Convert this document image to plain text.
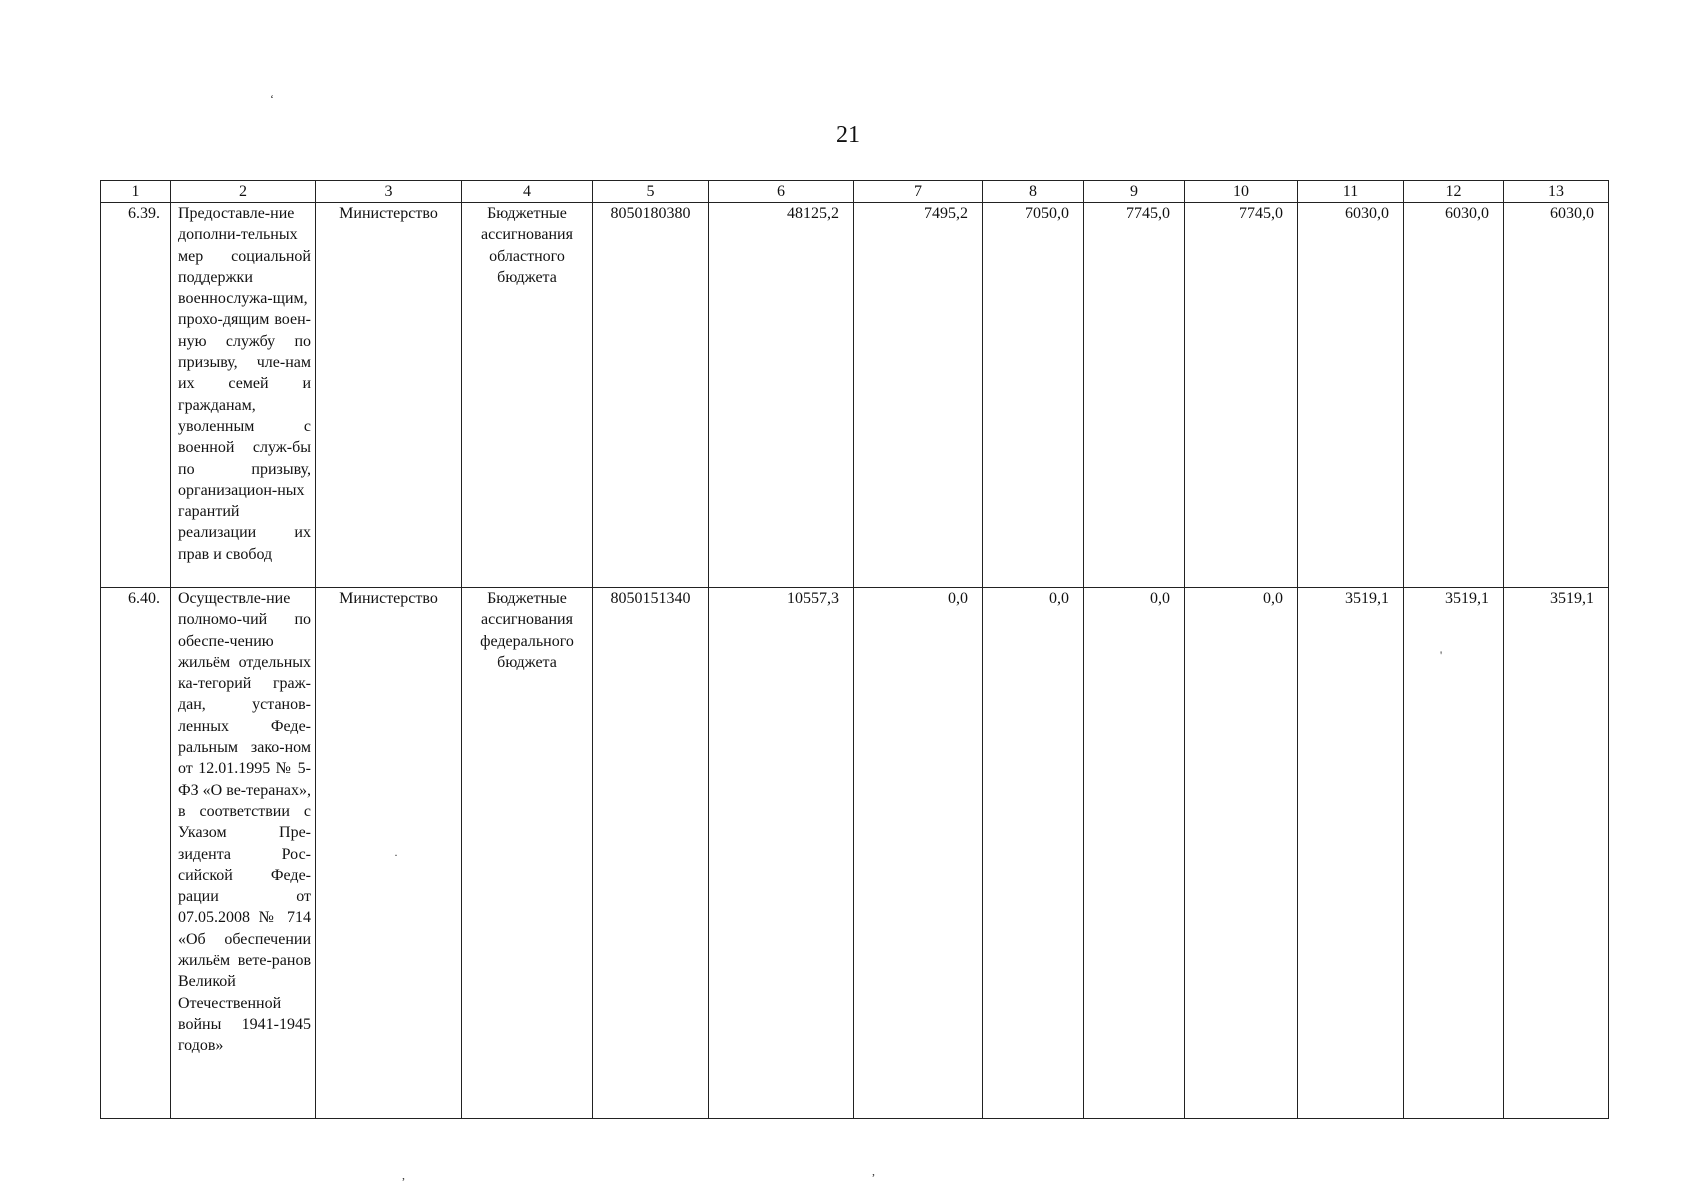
21
ʻ
·
,	,
'
1	2	3	4	5	6	7	8	9	10	11	12	13
6.39.	Предоставле-ние дополни-тельных мер социальной поддержки военнослужа-щим, прохо-дящим воен-ную службу по призыву, чле-нам их семей и гражданам, уволенным с военной служ-бы по призыву, организацион-ных гарантий реализации их прав и свобод	Министерство	Бюджетные ассигнования областного бюджета	8050180380	48125,2	7495,2	7050,0	7745,0	7745,0	6030,0	6030,0	6030,0
6.40.	Осуществле-ние полномо-чий по обеспе-чению жильём отдельных ка-тегорий граж-дан, установ-ленных Феде-ральным зако-ном от 12.01.1995 № 5-ФЗ «О ве-теранах», в соответствии с Указом Пре-зидента Рос-сийской Феде-рации от 07.05.2008 № 714 «Об обеспечении жильём вете-ранов Великой Отечественной войны 1941-1945 годов»	Министерство	Бюджетные ассигнования федерального бюджета	8050151340	10557,3	0,0	0,0	0,0	0,0	3519,1	3519,1	3519,1
